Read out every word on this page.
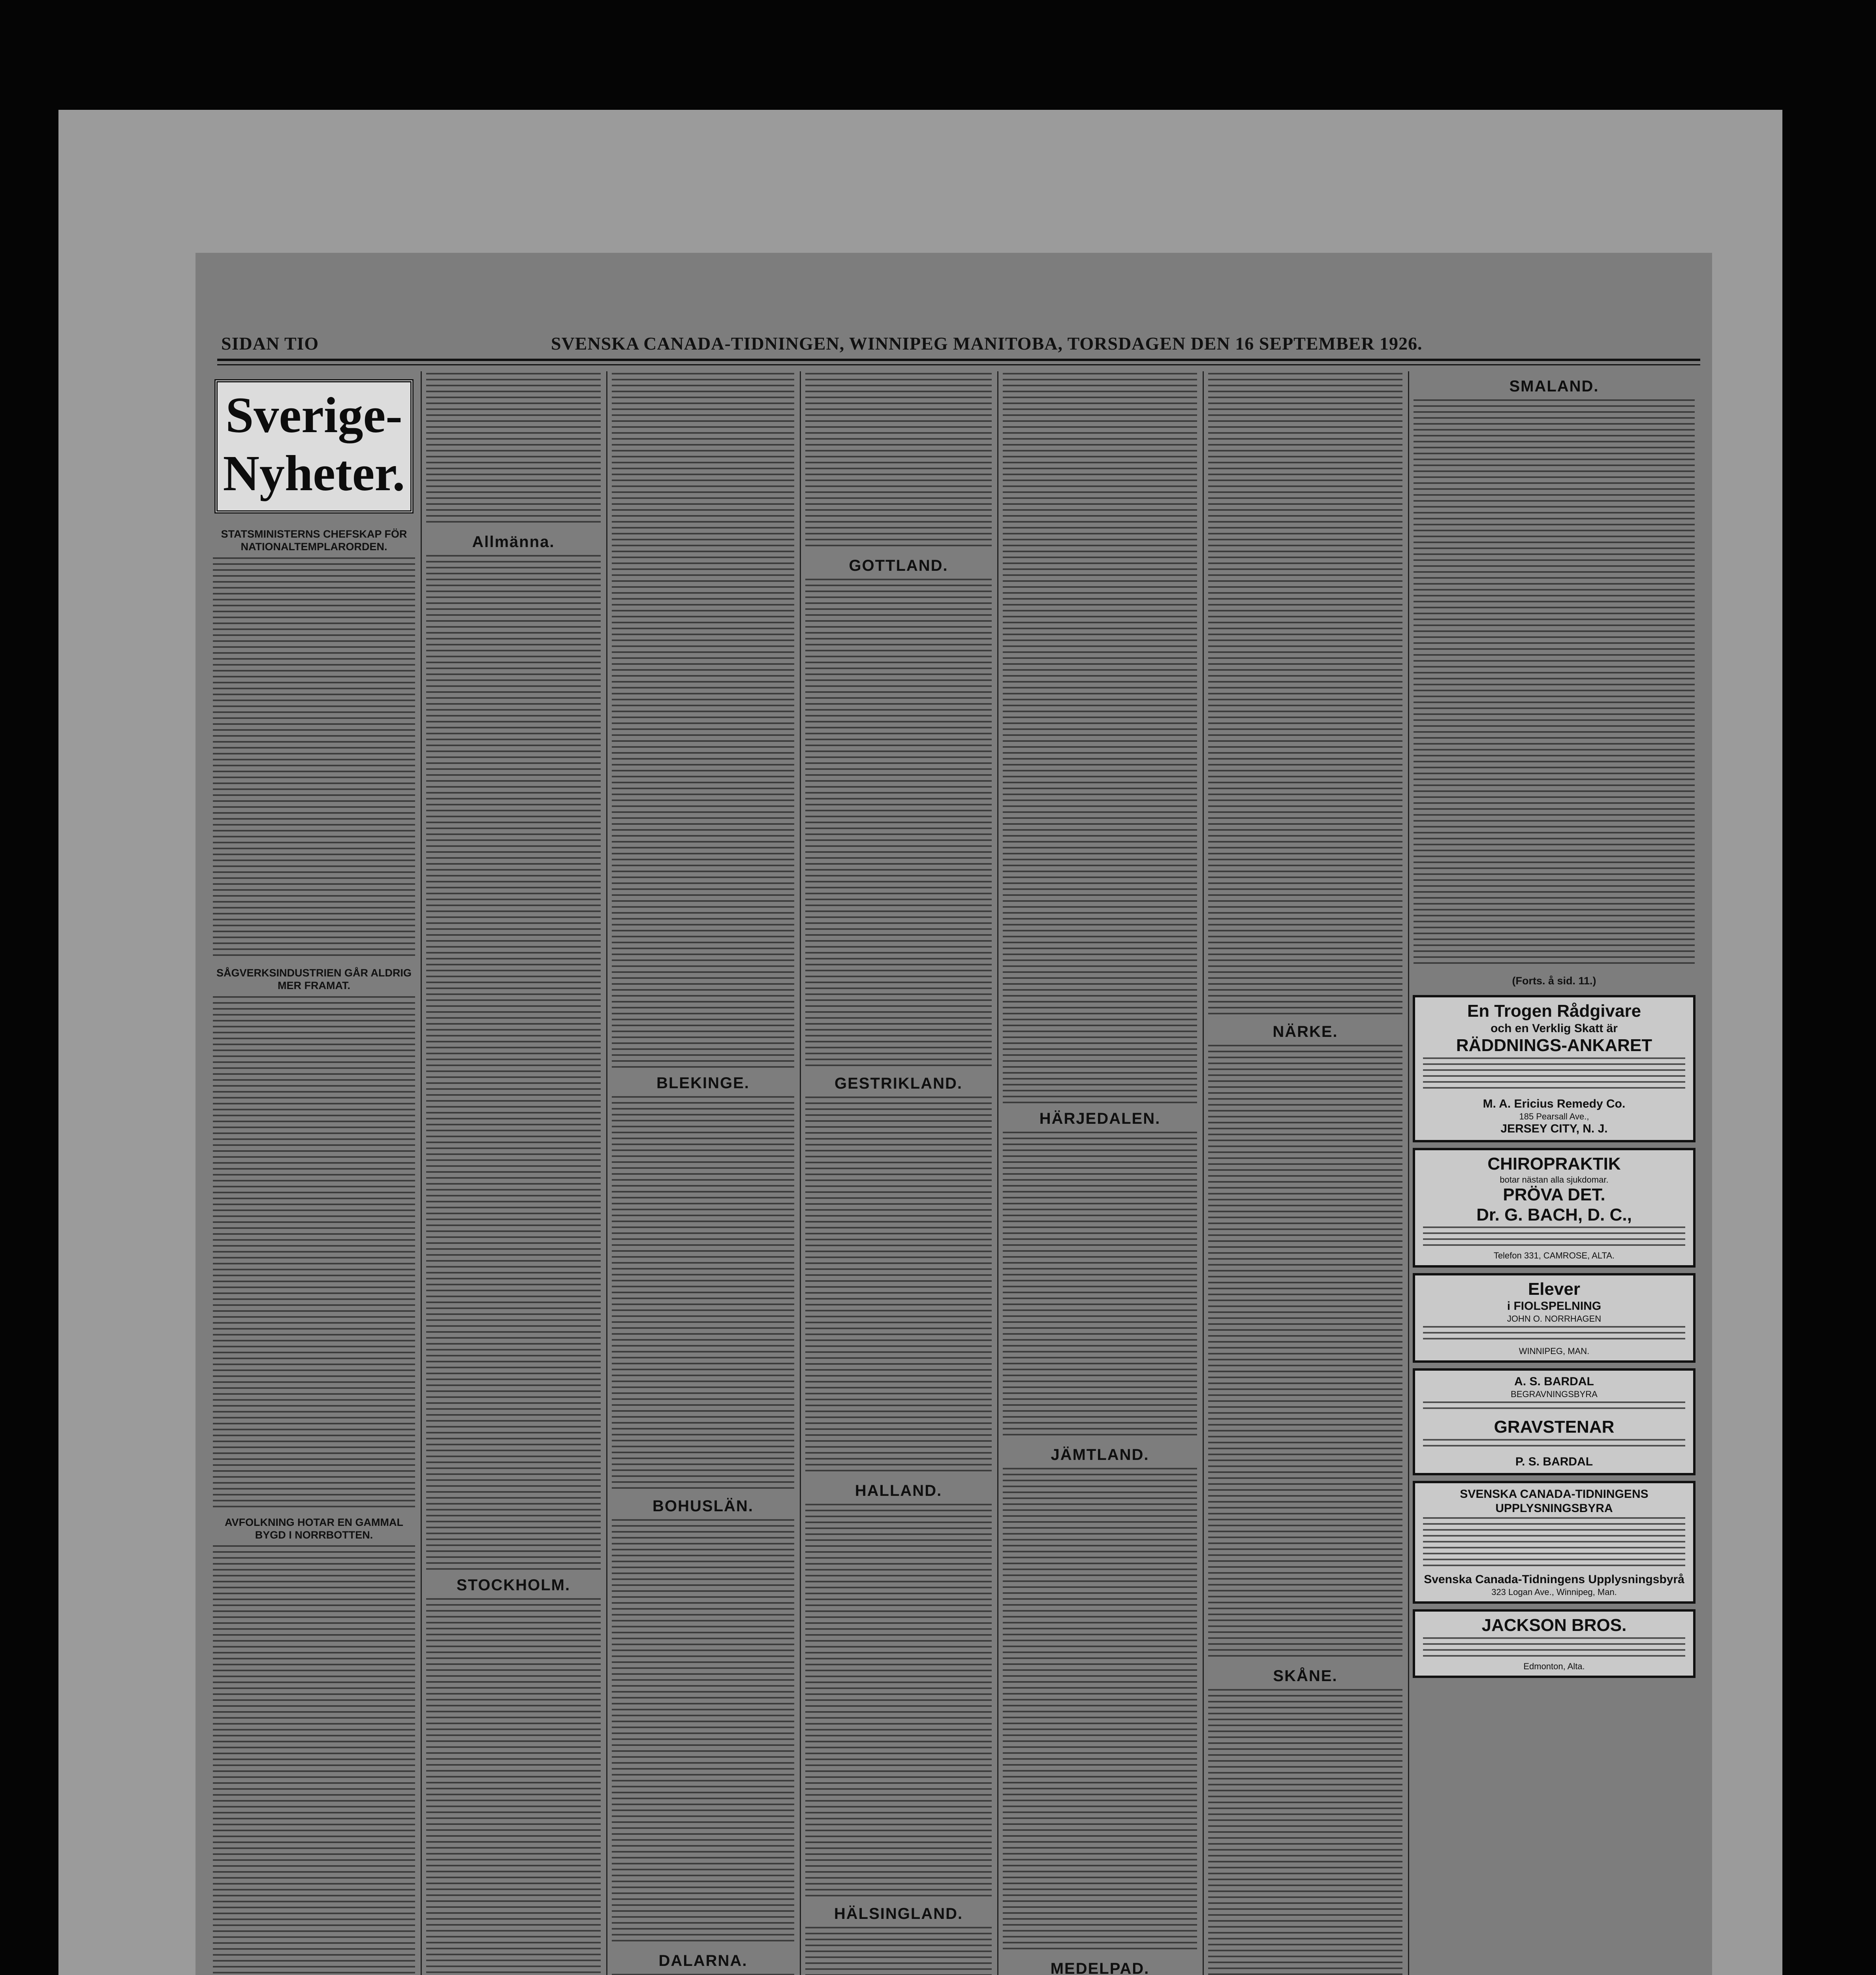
SIDAN TIO	SVENSKA CANADA-TIDNINGEN, WINNIPEG MANITOBA, TORSDAGEN DEN 16 SEPTEMBER 1926.
Sverige-Nyheter.
STATSMINISTERNS CHEFSKAP FÖR NATIONALTEMPLARORDEN.
SÅGVERKSINDUSTRIEN GÅR ALDRIG MER FRAMAT.
AVFOLKNING HOTAR EN GAMMAL BYGD I NORRBOTTEN.
Allmänna.
STOCKHOLM.
BLEKINGE.
BOHUSLÄN.
DALARNA.
GOTTLAND.
GESTRIKLAND.
HALLAND.
HÄLSINGLAND.
HÄRJEDALEN.
JÄMTLAND.
MEDELPAD.
NÄRKE.
SKÅNE.
SMALAND.
(Forts. å sid. 11.)
En Trogen Rådgivare
och en Verklig Skatt är
RÄDDNINGS-ANKARET
M. A. Ericius Remedy Co.
185 Pearsall Ave.,
JERSEY CITY, N. J.
CHIROPRAKTIK
botar nästan alla sjukdomar.
PRÖVA DET.
Dr. G. BACH, D. C.,
Telefon 331, CAMROSE, ALTA.
Elever
i FIOLSPELNING
JOHN O. NORRHAGEN
WINNIPEG, MAN.
A. S. BARDAL
BEGRAVNINGSBYRA
GRAVSTENAR
P. S. BARDAL
SVENSKA CANADA-TIDNINGENS UPPLYSNINGSBYRA
Svenska Canada-Tidningens Upplysningsbyrå
323 Logan Ave., Winnipeg, Man.
JACKSON BROS.
Edmonton, Alta.
